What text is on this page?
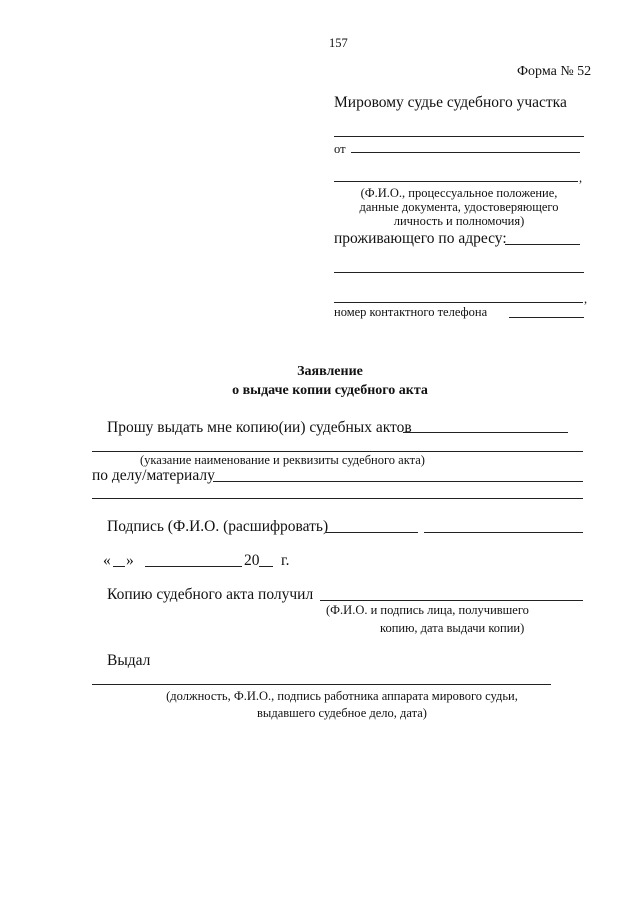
157
Форма № 52
Мировому судье судебного участка
от
,
(Ф.И.О., процессуальное положение,
данные документа, удостоверяющего
личность и полномочия)
проживающего по адресу:
,
номер контактного телефона
Заявление
о выдаче копии судебного акта
Прошу выдать мне копию(ии) судебных актов
(указание наименование и реквизиты судебного акта)
по делу/материалу
Подпись (Ф.И.О. (расшифровать)
« »	20 г.
Копию судебного акта получил
(Ф.И.О. и подпись лица, получившего
копию, дата выдачи копии)
Выдал
(должность, Ф.И.О., подпись работника аппарата мирового судьи,
выдавшего судебное дело, дата)
